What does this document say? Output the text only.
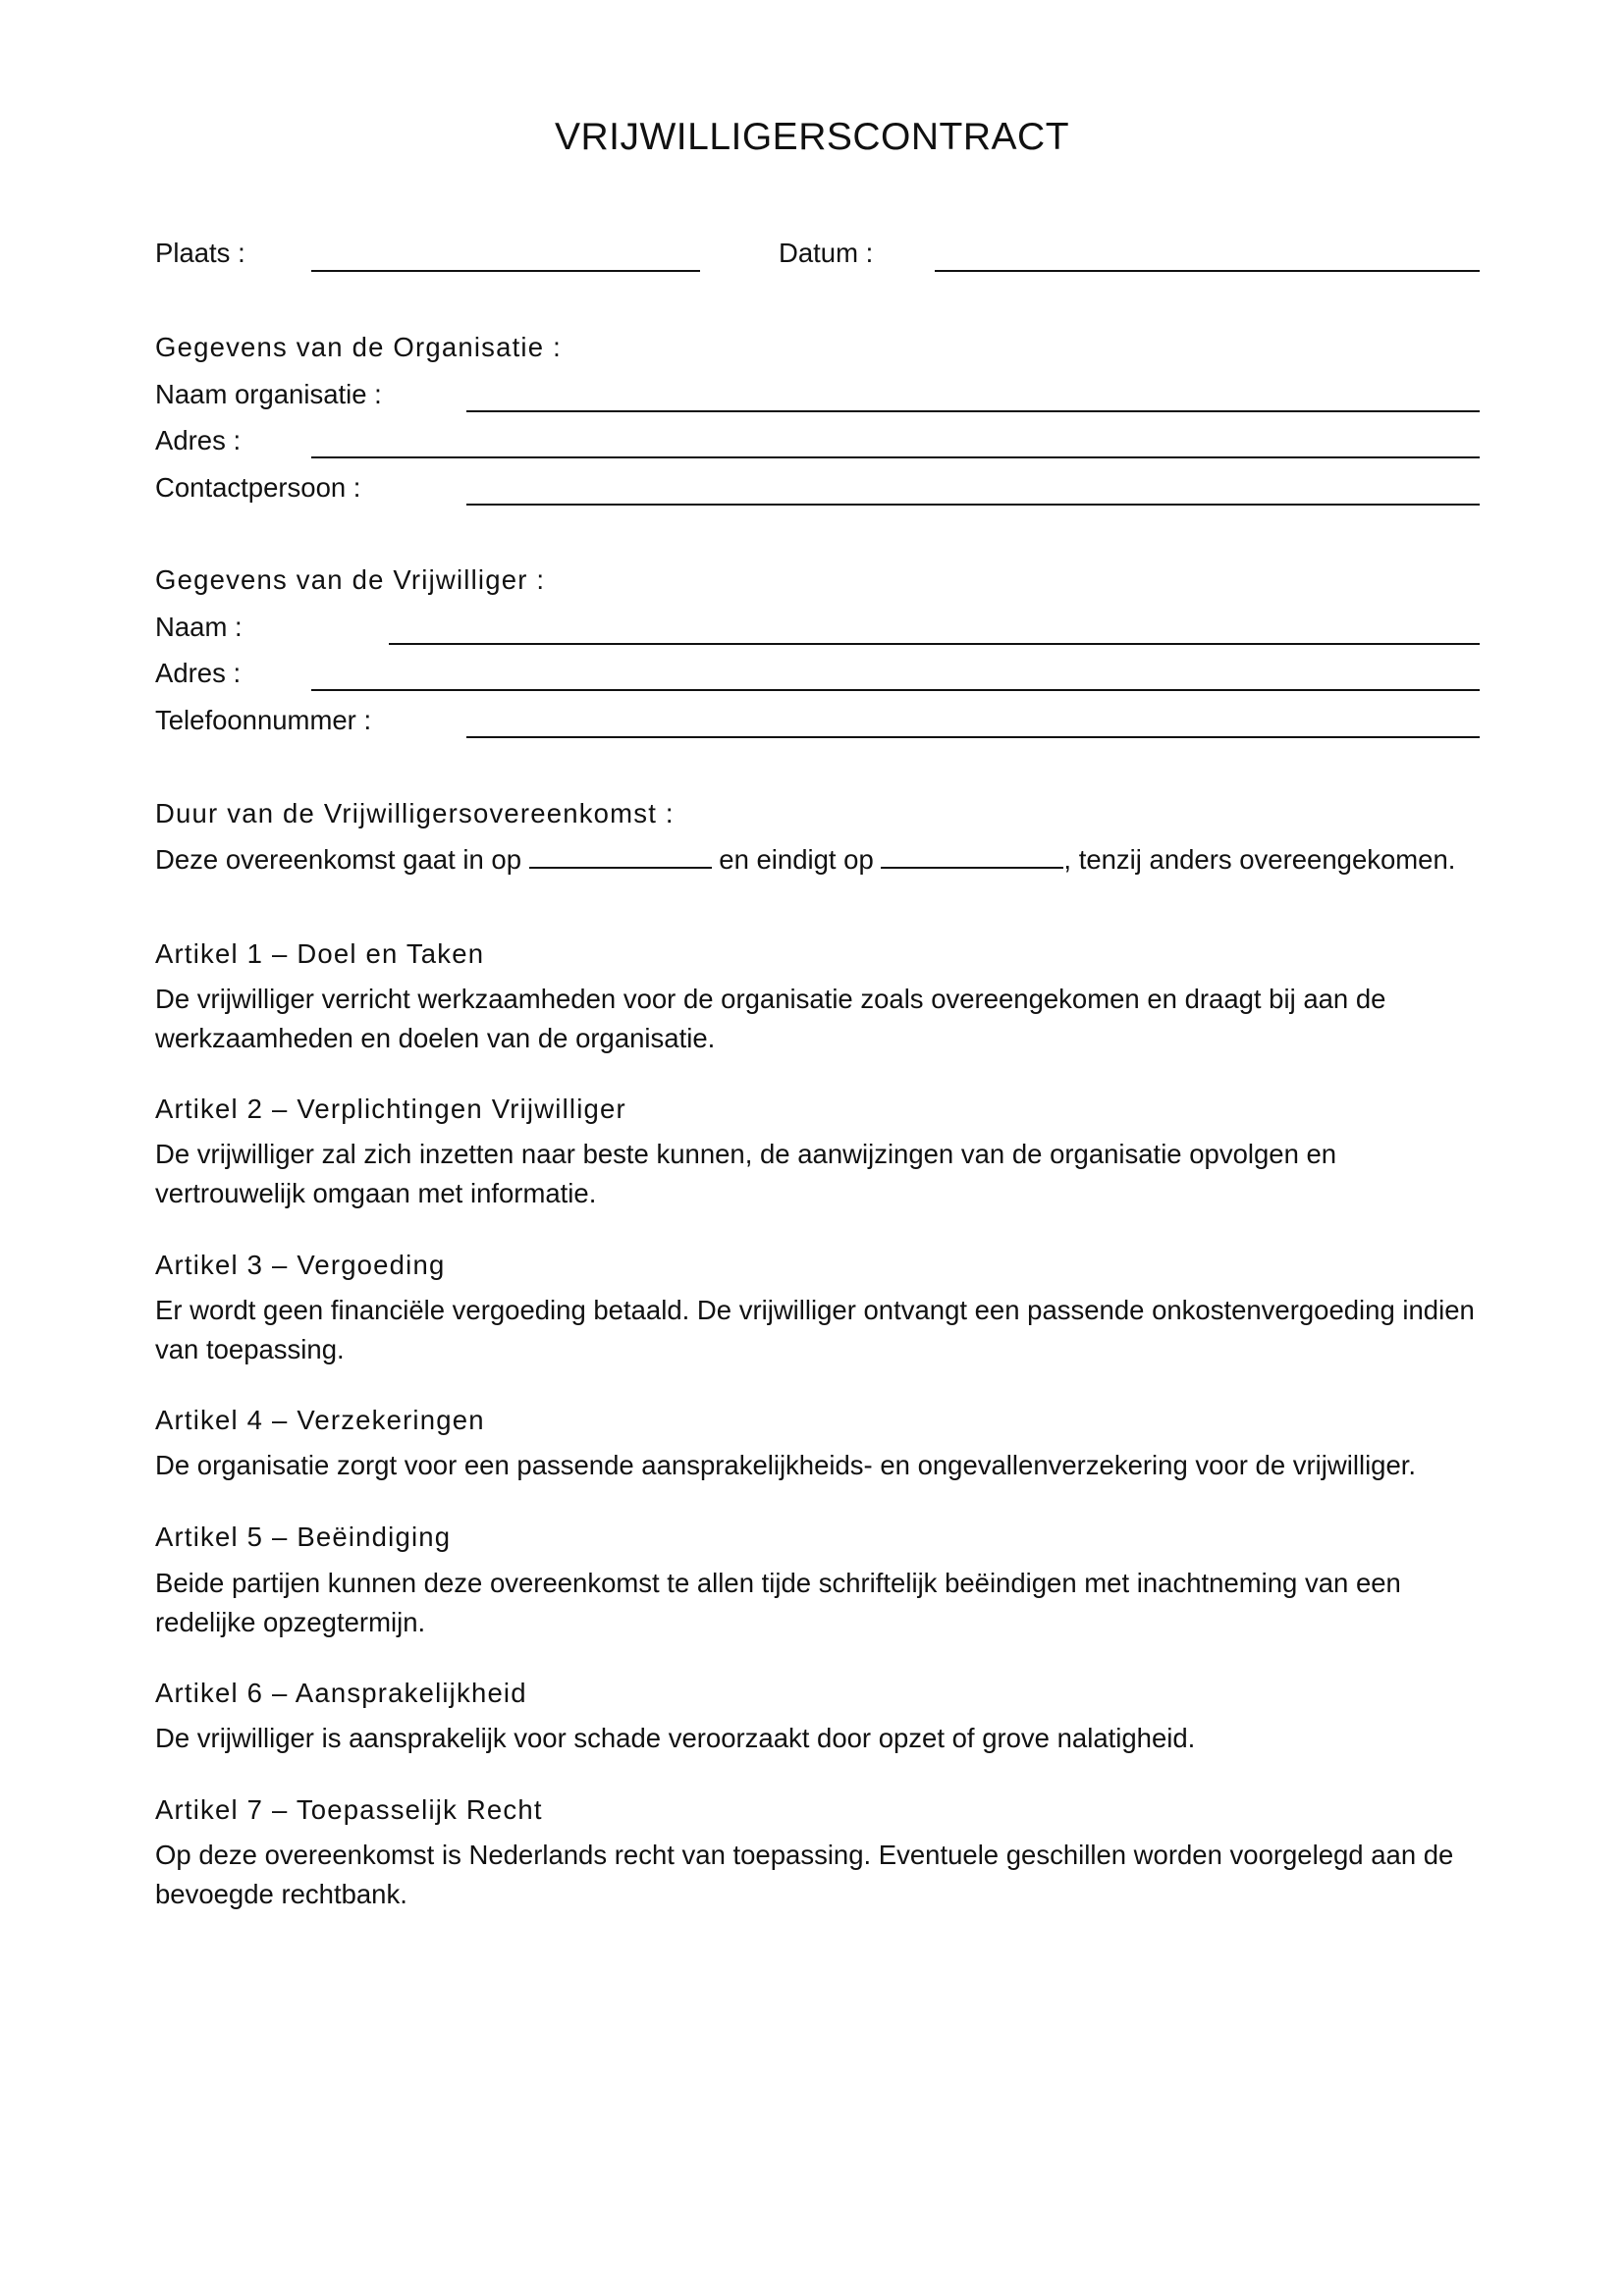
VRIJWILLIGERSCONTRACT
Plaats :	Datum :
Gegevens van de Organisatie :
Naam organisatie :
Adres :
Contactpersoon :
Gegevens van de Vrijwilliger :
Naam :
Adres :
Telefoonnummer :
Duur van de Vrijwilligersovereenkomst :
Deze overeenkomst gaat in op	en eindigt op	, tenzij anders overeengekomen.
Artikel 1 – Doel en Taken
De vrijwilliger verricht werkzaamheden voor de organisatie zoals overeengekomen en draagt bij aan de werkzaamheden en doelen van de organisatie.
Artikel 2 – Verplichtingen Vrijwilliger
De vrijwilliger zal zich inzetten naar beste kunnen, de aanwijzingen van de organisatie opvolgen en vertrouwelijk omgaan met informatie.
Artikel 3 – Vergoeding
Er wordt geen financiële vergoeding betaald. De vrijwilliger ontvangt een passende onkostenvergoeding indien van toepassing.
Artikel 4 – Verzekeringen
De organisatie zorgt voor een passende aansprakelijkheids- en ongevallenverzekering voor de vrijwilliger.
Artikel 5 – Beëindiging
Beide partijen kunnen deze overeenkomst te allen tijde schriftelijk beëindigen met inachtneming van een redelijke opzegtermijn.
Artikel 6 – Aansprakelijkheid
De vrijwilliger is aansprakelijk voor schade veroorzaakt door opzet of grove nalatigheid.
Artikel 7 – Toepasselijk Recht
Op deze overeenkomst is Nederlands recht van toepassing. Eventuele geschillen worden voorgelegd aan de bevoegde rechtbank.
